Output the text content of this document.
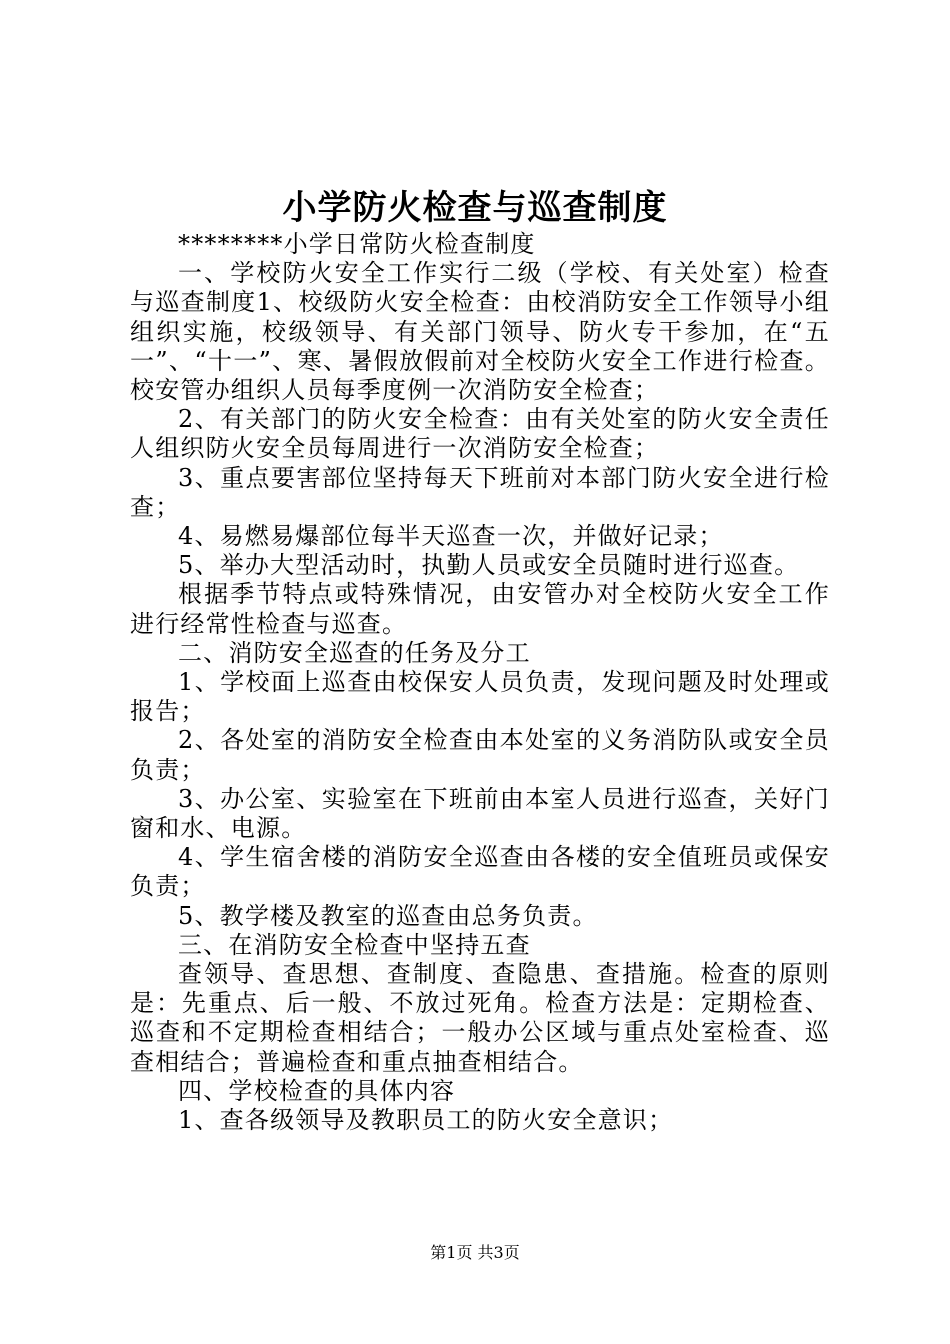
小学防火检查与巡查制度

********小学日常防火检查制度

一、学校防火安全工作实行二级（学校、有关处室）检查与巡查制度1、校级防火安全检查：由校消防安全工作领导小组组织实施，校级领导、有关部门领导、防火专干参加，在“五一”、“十一”、寒、暑假放假前对全校防火安全工作进行检查。校安管办组织人员每季度例一次消防安全检查；

2、有关部门的防火安全检查：由有关处室的防火安全责任人组织防火安全员每周进行一次消防安全检查；

3、重点要害部位坚持每天下班前对本部门防火安全进行检查；

4、易燃易爆部位每半天巡查一次，并做好记录；

5、举办大型活动时，执勤人员或安全员随时进行巡查。

根据季节特点或特殊情况，由安管办对全校防火安全工作进行经常性检查与巡查。

二、消防安全巡查的任务及分工

1、学校面上巡查由校保安人员负责，发现问题及时处理或报告；

2、各处室的消防安全检查由本处室的义务消防队或安全员负责；

3、办公室、实验室在下班前由本室人员进行巡查，关好门窗和水、电源。

4、学生宿舍楼的消防安全巡查由各楼的安全值班员或保安负责；

5、教学楼及教室的巡查由总务负责。

三、在消防安全检查中坚持五查

查领导、查思想、查制度、查隐患、查措施。检查的原则是：先重点、后一般、不放过死角。检查方法是：定期检查、巡查和不定期检查相结合；一般办公区域与重点处室检查、巡查相结合；普遍检查和重点抽查相结合。

四、学校检查的具体内容

1、查各级领导及教职员工的防火安全意识；

第1页 共3页
